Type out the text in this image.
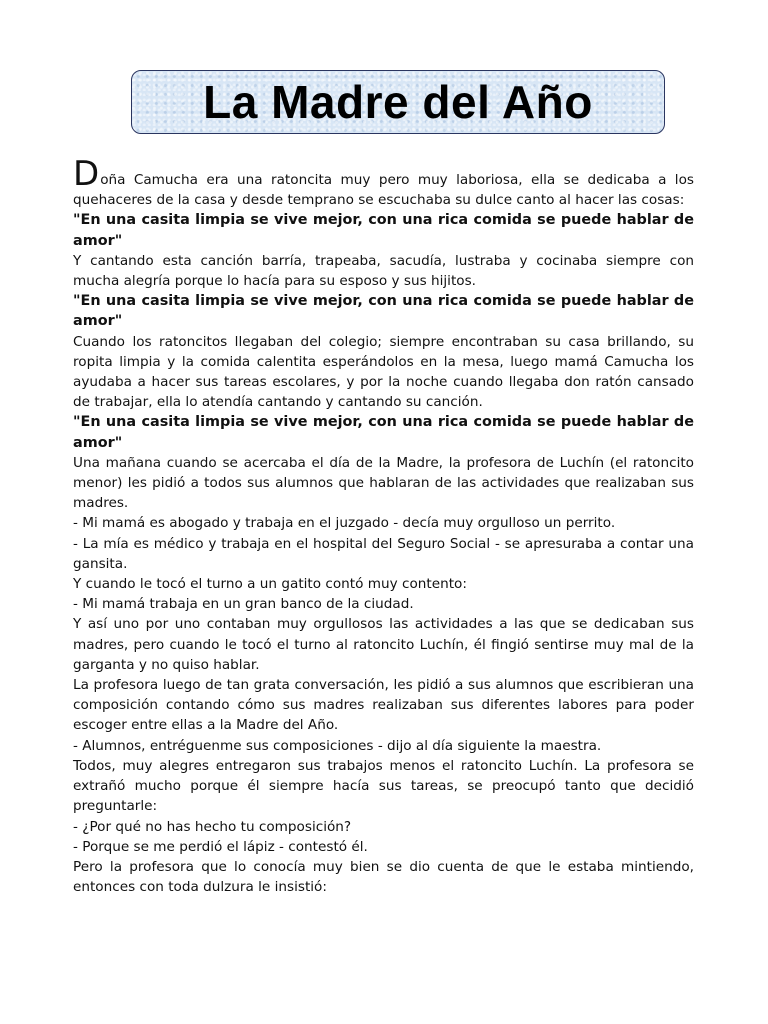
La Madre del Año

Doña Camucha era una ratoncita muy pero muy laboriosa, ella se dedicaba a los quehaceres de la casa y desde temprano se escuchaba su dulce canto al hacer las cosas:

"En una casita limpia se vive mejor, con una rica comida se puede hablar de amor"

Y cantando esta canción barría, trapeaba, sacudía, lustraba y cocinaba siempre con mucha alegría porque lo hacía para su esposo y sus hijitos.

"En una casita limpia se vive mejor, con una rica comida se puede hablar de amor"

Cuando los ratoncitos llegaban del colegio; siempre encontraban su casa brillando, su ropita limpia y la comida calentita esperándolos en la mesa, luego mamá Camucha los ayudaba a hacer sus tareas escolares, y por la noche cuando llegaba don ratón cansado de trabajar, ella lo atendía cantando y cantando su canción.

"En una casita limpia se vive mejor, con una rica comida se puede hablar de amor"

Una mañana cuando se acercaba el día de la Madre, la profesora de Luchín (el ratoncito menor) les pidió a todos sus alumnos que hablaran de las actividades que realizaban sus madres.

- Mi mamá es abogado y trabaja en el juzgado - decía muy orgulloso un perrito.

- La mía es médico y trabaja en el hospital del Seguro Social - se apresuraba a contar una gansita.

Y cuando le tocó el turno a un gatito contó muy contento:

- Mi mamá trabaja en un gran banco de la ciudad.

Y así uno por uno contaban muy orgullosos las actividades a las que se dedicaban sus madres, pero cuando le tocó el turno al ratoncito Luchín, él fingió sentirse muy mal de la garganta y no quiso hablar.

La profesora luego de tan grata conversación, les pidió a sus alumnos que escribieran una composición contando cómo sus madres realizaban sus diferentes labores para poder escoger entre ellas a la Madre del Año.

- Alumnos, entréguenme sus composiciones - dijo al día siguiente la maestra.

Todos, muy alegres entregaron sus trabajos menos el ratoncito Luchín. La profesora se extrañó mucho porque él siempre hacía sus tareas, se preocupó tanto que decidió preguntarle:

- ¿Por qué no has hecho tu composición?

- Porque se me perdió el lápiz - contestó él.

Pero la profesora que lo conocía muy bien se dio cuenta de que le estaba mintiendo, entonces con toda dulzura le insistió:
